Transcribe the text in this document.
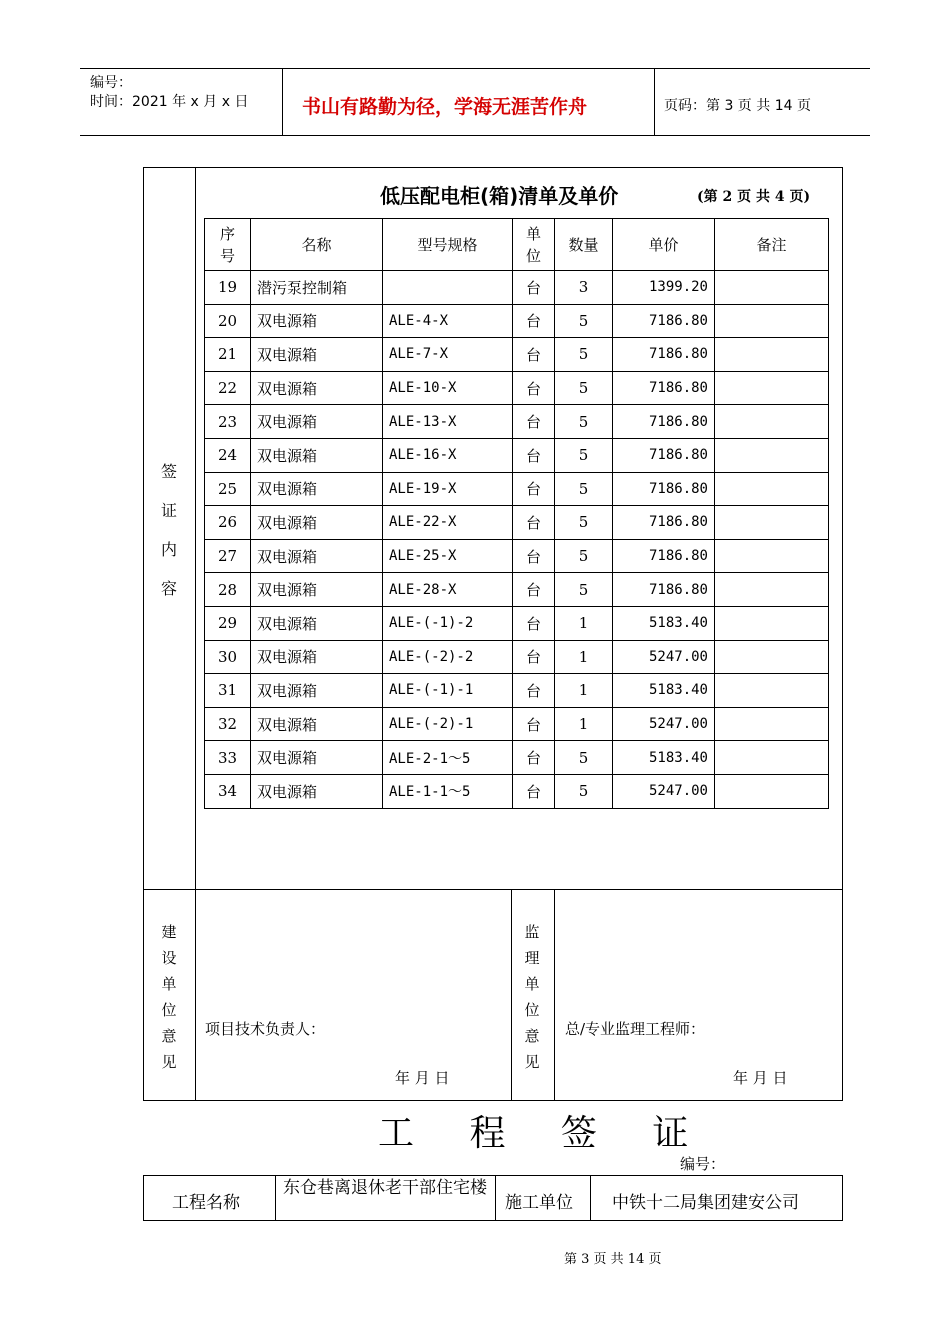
编号：
时间：2021 年 x 月 x 日	书山有路勤为径，学海无涯苦作舟	页码：第 3 页 共 14 页
签
证
内
容
低压配电柜(箱)清单及单价	(第 2 页 共 4 页)
序号	名称	型号规格	单位	数量	单价	备注
19	潜污泵控制箱		台	3	1399.20	
20	双电源箱	ALE-4-X	台	5	7186.80	
21	双电源箱	ALE-7-X	台	5	7186.80	
22	双电源箱	ALE-10-X	台	5	7186.80	
23	双电源箱	ALE-13-X	台	5	7186.80	
24	双电源箱	ALE-16-X	台	5	7186.80	
25	双电源箱	ALE-19-X	台	5	7186.80	
26	双电源箱	ALE-22-X	台	5	7186.80	
27	双电源箱	ALE-25-X	台	5	7186.80	
28	双电源箱	ALE-28-X	台	5	7186.80	
29	双电源箱	ALE-(-1)-2	台	1	5183.40	
30	双电源箱	ALE-(-2)-2	台	1	5247.00	
31	双电源箱	ALE-(-1)-1	台	1	5183.40	
32	双电源箱	ALE-(-2)-1	台	1	5247.00	
33	双电源箱	ALE-2-1～5	台	5	5183.40	
34	双电源箱	ALE-1-1～5	台	5	5247.00	
建
设
单
位
意
见
项目技术负责人：
年 月 日
监
理
单
位
意
见
总/专业监理工程师：
年 月 日
工 程 签 证
编号：
工程名称
东仓巷离退休老干部住宅楼
施工单位 中铁十二局集团建安公司
第 3 页 共 14 页
